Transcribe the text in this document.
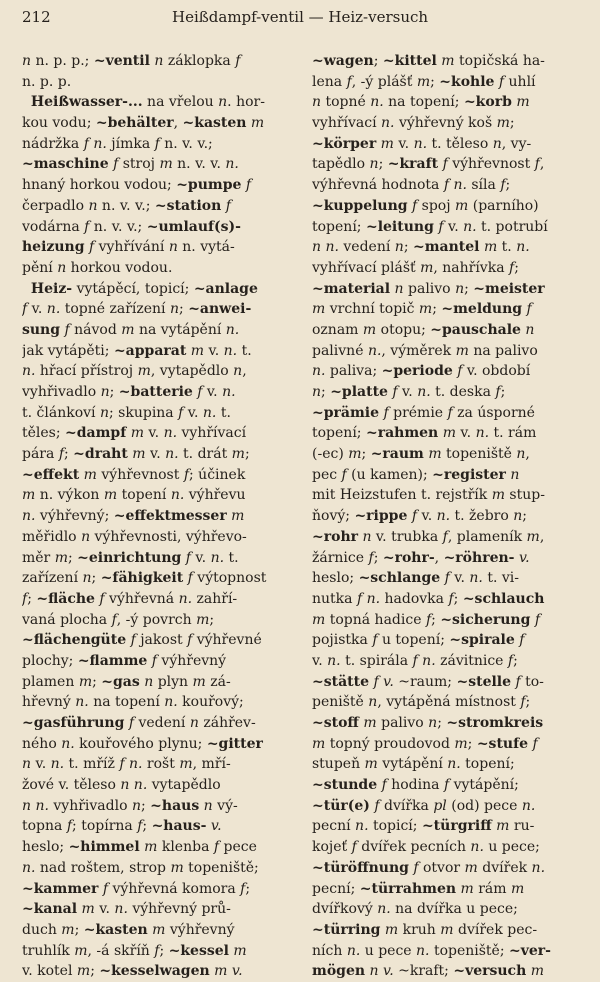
212	Heißdampf-ventil — Heiz-versuch
n n. p. p.; ~ventil n záklopka f
n. p. p.
Heißwasser-... na vřelou n. hor-
kou vodu; ~behälter, ~kasten m
nádržka f n. jímka f n. v. v.;
~maschine f stroj m n. v. v. n.
hnaný horkou vodou; ~pumpe f
čerpadlo n n. v. v.; ~station f
vodárna f n. v. v.; ~umlauf(s)-
heizung f vyhřívání n n. vytá-
pění n horkou vodou.
Heiz- vytápěcí, topicí; ~anlage
f v. n. topné zařízení n; ~anwei-
sung f návod m na vytápění n.
jak vytápěti; ~apparat m v. n. t.
n. hřací přístroj m, vytapědlo n,
vyhřivadlo n; ~batterie f v. n.
t. článkoví n; skupina f v. n. t.
těles; ~dampf m v. n. vyhřívací
pára f; ~draht m v. n. t. drát m;
~effekt m výhřevnost f; účinek
m n. výkon m topení n. výhřevu
n. výhřevný; ~effektmesser m
měřidlo n výhřevnosti, výhřevo-
měr m; ~einrichtung f v. n. t.
zařízení n; ~fähigkeit f výtopnost
f; ~fläche f výhřevná n. zahří-
vaná plocha f, -ý povrch m;
~flächengüte f jakost f výhřevné
plochy; ~flamme f výhřevný
plamen m; ~gas n plyn m zá-
hřevný n. na topení n. kouřový;
~gasführung f vedení n záhřev-
ného n. kouřového plynu; ~gitter
n v. n. t. mříž f n. rošt m, mří-
žové v. těleso n n. vytapědlo
n n. vyhřivadlo n; ~haus n vý-
topna f; topírna f; ~haus- v.
heslo; ~himmel m klenba f pece
n. nad roštem, strop m topeniště;
~kammer f výhřevná komora f;
~kanal m v. n. výhřevný prů-
duch m; ~kasten m výhřevný
truhlík m, -á skříň f; ~kessel m
v. kotel m; ~kesselwagen m v.
~wagen; ~kittel m topičská ha-
lena f, -ý plášť m; ~kohle f uhlí
n topné n. na topení; ~korb m
vyhřívací n. výhřevný koš m;
~körper m v. n. t. těleso n, vy-
tapědlo n; ~kraft f výhřevnost f,
výhřevná hodnota f n. síla f;
~kuppelung f spoj m (parního)
topení; ~leitung f v. n. t. potrubí
n n. vedení n; ~mantel m t. n.
vyhřívací plášť m, nahřívka f;
~material n palivo n; ~meister
m vrchní topič m; ~meldung f
oznam m otopu; ~pauschale n
palivné n., výměrek m na palivo
n. paliva; ~periode f v. období
n; ~platte f v. n. t. deska f;
~prämie f prémie f za úsporné
topení; ~rahmen m v. n. t. rám
(-ec) m; ~raum m topeniště n,
pec f (u kamen); ~register n
mit Heizstufen t. rejstřík m stup-
ňový; ~rippe f v. n. t. žebro n;
~rohr n v. trubka f, plameník m,
žárnice f; ~rohr-, ~röhren- v.
heslo; ~schlange f v. n. t. vi-
nutka f n. hadovka f; ~schlauch
m topná hadice f; ~sicherung f
pojistka f u topení; ~spirale f
v. n. t. spirála f n. závitnice f;
~stätte f v. ~raum; ~stelle f to-
peniště n, vytápěná místnost f;
~stoff m palivo n; ~stromkreis
m topný proudovod m; ~stufe f
stupeň m vytápění n. topení;
~stunde f hodina f vytápění;
~tür(e) f dvířka pl (od) pece n.
pecní n. topicí; ~türgriff m ru-
kojeť f dvířek pecních n. u pece;
~türöffnung f otvor m dvířek n.
pecní; ~türrahmen m rám m
dvířkový n. na dvířka u pece;
~türring m kruh m dvířek pec-
ních n. u pece n. topeniště; ~ver-
mögen n v. ~kraft; ~versuch m
